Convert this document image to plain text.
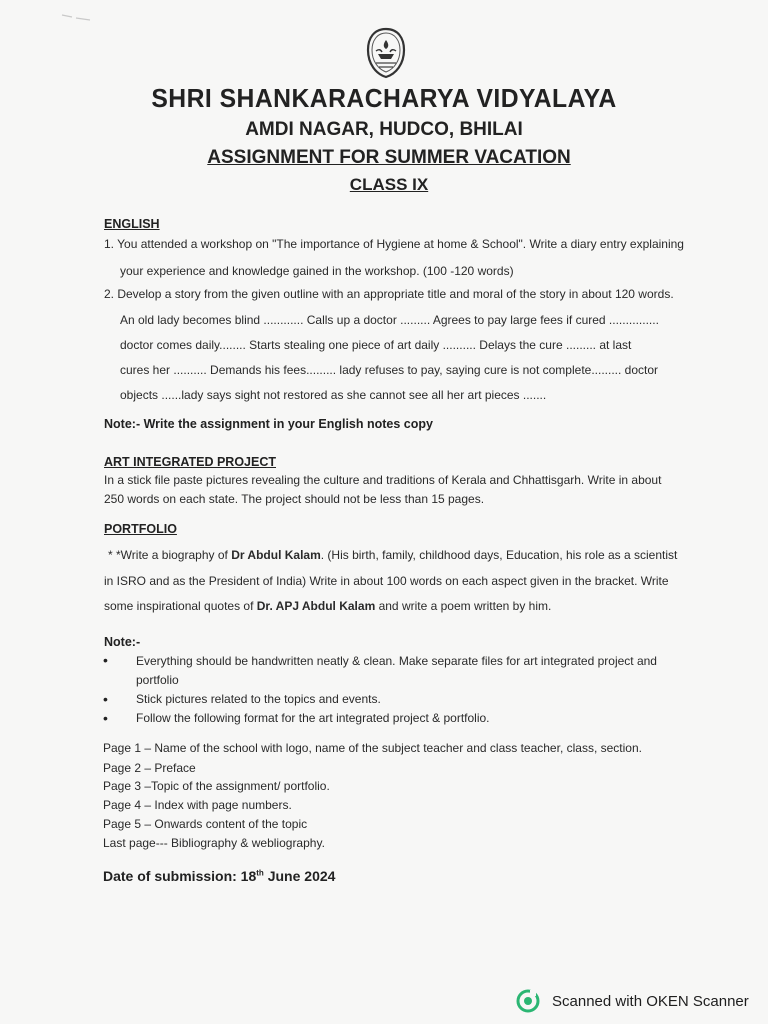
SHRI SHANKARACHARYA VIDYALAYA
AMDI NAGAR, HUDCO, BHILAI
ASSIGNMENT FOR SUMMER VACATION
CLASS IX
ENGLISH
1. You attended a workshop on "The importance of Hygiene at home & School". Write a diary entry explaining
your experience and knowledge gained in the workshop. (100 -120 words)
2. Develop a story from the given outline with an appropriate title and moral of the story in about 120 words.
An old lady becomes blind ............ Calls up a doctor ......... Agrees to pay large fees if cured ...............
doctor comes daily........ Starts stealing one piece of art daily .......... Delays the cure ......... at last
cures her .......... Demands his fees......... lady refuses to pay, saying cure is not complete......... doctor
objects ......lady says sight not restored as she cannot see all her art pieces .......
Note:- Write the assignment in your English notes copy
ART INTEGRATED PROJECT
In a stick file paste pictures revealing the culture and traditions of Kerala and Chhattisgarh. Write in about
250 words on each state. The project should not be less than 15 pages.
PORTFOLIO
* *Write a biography of Dr Abdul Kalam. (His birth, family, childhood days, Education, his role as a scientist
in ISRO and as the President of India) Write in about 100 words on each aspect given in the bracket. Write
some inspirational quotes of Dr. APJ Abdul Kalam and write a poem written by him.
Note:-
• Everything should be handwritten neatly & clean. Make separate files for art integrated project and
portfolio
• Stick pictures related to the topics and events.
• Follow the following format for the art integrated project & portfolio.
Page 1 – Name of the school with logo, name of the subject teacher and class teacher, class, section.
Page 2 – Preface
Page 3 –Topic of the assignment/ portfolio.
Page 4 – Index with page numbers.
Page 5 – Onwards content of the topic
Last page--- Bibliography & webliography.
Date of submission: 18th June 2024
Scanned with OKEN Scanner
